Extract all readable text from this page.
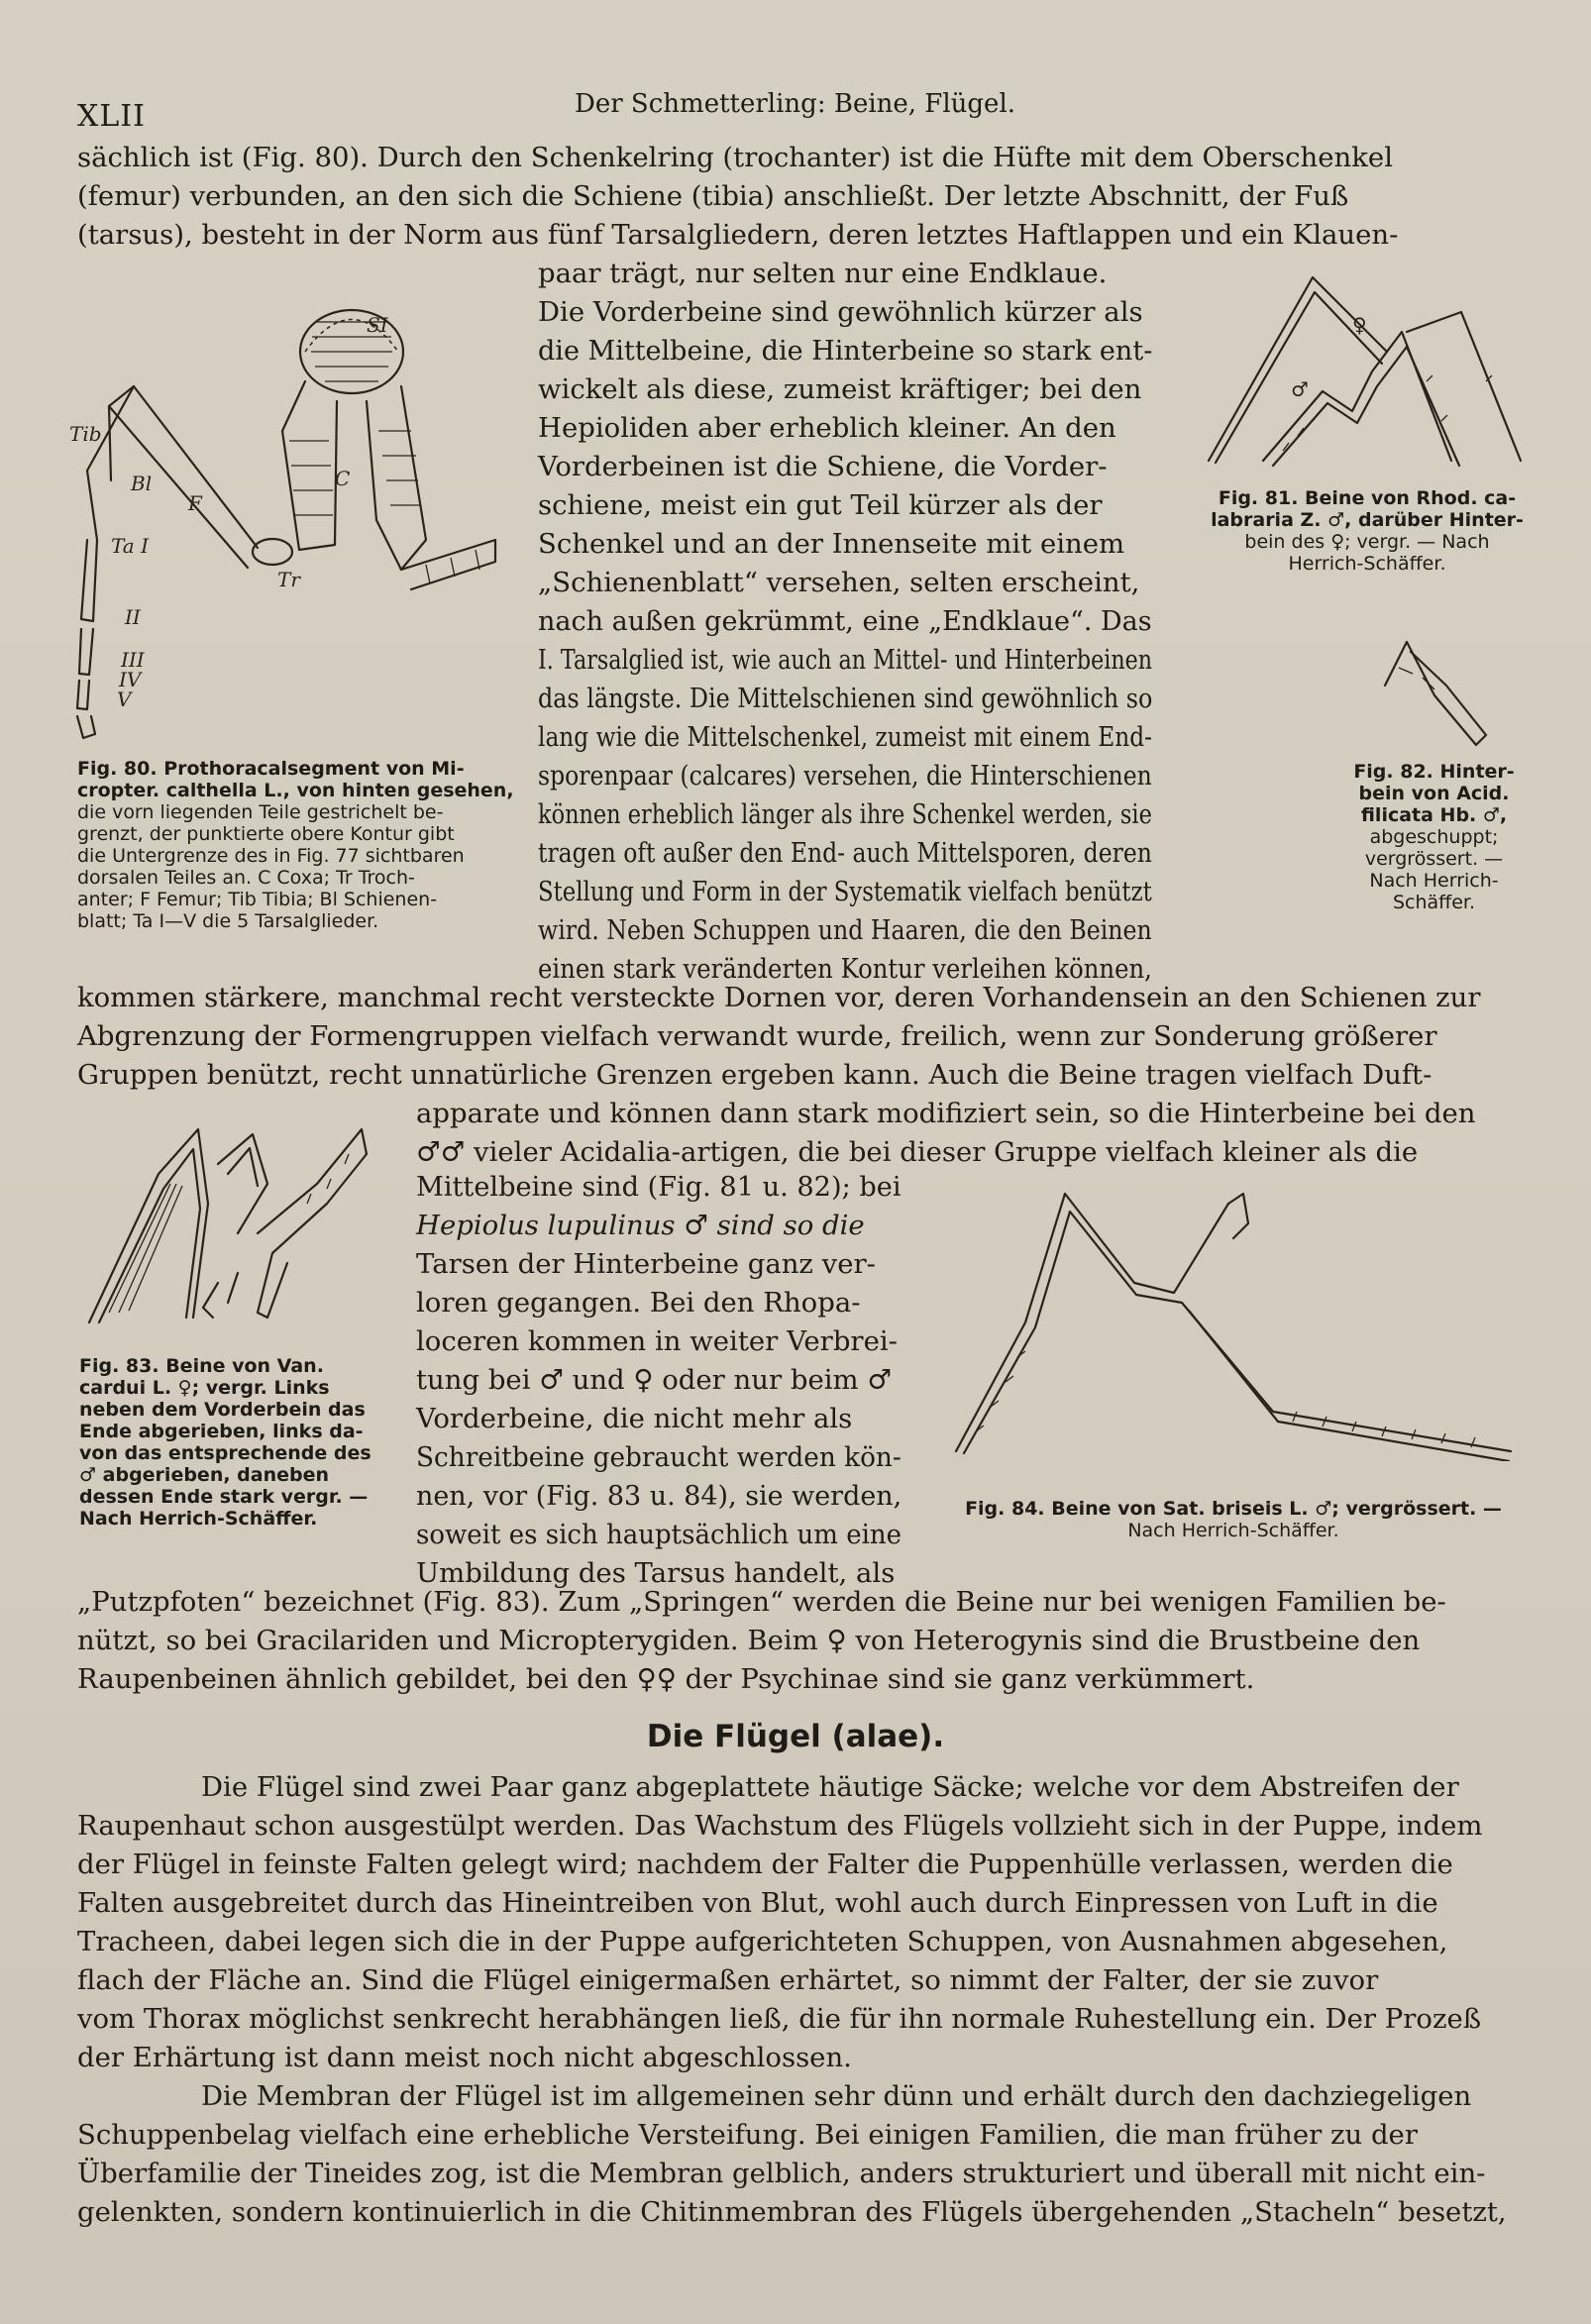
XLII	Der Schmetterling: Beine, Flügel.
sächlich ist (Fig. 80). Durch den Schenkelring (trochanter) ist die Hüfte mit dem Oberschenkel
(femur) verbunden, an den sich die Schiene (tibia) anschließt. Der letzte Abschnitt, der Fuß
(tarsus), besteht in der Norm aus fünf Tarsalgliedern, deren letztes Haftlappen und ein Klauen-
SI
Tib
Bl
F
C
Ta I
Tr
II
III
IV
V
Fig. 80. Prothoracalsegment von Mi-
cropter. calthella L., von hinten gesehen,
die vorn liegenden Teile gestrichelt be-
grenzt, der punktierte obere Kontur gibt
die Untergrenze des in Fig. 77 sichtbaren
dorsalen Teiles an. C Coxa; Tr Troch-
anter; F Femur; Tib Tibia; Bl Schienen-
blatt; Ta I—V die 5 Tarsalglieder.
paar trägt, nur selten nur eine Endklaue.
Die Vorderbeine sind gewöhnlich kürzer als
die Mittelbeine, die Hinterbeine so stark ent-
wickelt als diese, zumeist kräftiger; bei den
Hepioliden aber erheblich kleiner. An den
Vorderbeinen ist die Schiene, die Vorder-
schiene, meist ein gut Teil kürzer als der
Schenkel und an der Innenseite mit einem
„Schienenblatt“ versehen, selten erscheint,
nach außen gekrümmt, eine „Endklaue“. Das
I. Tarsalglied ist, wie auch an Mittel- und Hinterbeinen
das längste. Die Mittelschienen sind gewöhnlich so
lang wie die Mittelschenkel, zumeist mit einem End-
sporenpaar (calcares) versehen, die Hinterschienen
können erheblich länger als ihre Schenkel werden, sie
tragen oft außer den End- auch Mittelsporen, deren
Stellung und Form in der Systematik vielfach benützt
wird. Neben Schuppen und Haaren, die den Beinen
einen stark veränderten Kontur verleihen können,
♀
♂
Fig. 81. Beine von Rhod. ca-
labraria Z. ♂, darüber Hinter-
bein des ♀; vergr. — Nach
Herrich-Schäffer.
Fig. 82. Hinter-
bein von Acid.
filicata Hb. ♂,
abgeschuppt;
vergrössert. —
Nach Herrich-
Schäffer.
kommen stärkere, manchmal recht versteckte Dornen vor, deren Vorhandensein an den Schienen zur
Abgrenzung der Formengruppen vielfach verwandt wurde, freilich, wenn zur Sonderung größerer
Gruppen benützt, recht unnatürliche Grenzen ergeben kann. Auch die Beine tragen vielfach Duft-
apparate und können dann stark modifiziert sein, so die Hinterbeine bei den
♂♂ vieler Acidalia-artigen, die bei dieser Gruppe vielfach kleiner als die
Fig. 83. Beine von Van.
cardui L. ♀; vergr. Links
neben dem Vorderbein das
Ende abgerieben, links da-
von das entsprechende des
♂ abgerieben, daneben
dessen Ende stark vergr. —
Nach Herrich-Schäffer.
Mittelbeine sind (Fig. 81 u. 82); bei
Hepiolus lupulinus ♂ sind so die
Tarsen der Hinterbeine ganz ver-
loren gegangen. Bei den Rhopa-
loceren kommen in weiter Verbrei-
tung bei ♂ und ♀ oder nur beim ♂
Vorderbeine, die nicht mehr als
Schreitbeine gebraucht werden kön-
nen, vor (Fig. 83 u. 84), sie werden,
soweit es sich hauptsächlich um eine
Umbildung des Tarsus handelt, als
Fig. 84. Beine von Sat. briseis L. ♂; vergrössert. —
Nach Herrich-Schäffer.
„Putzpfoten“ bezeichnet (Fig. 83). Zum „Springen“ werden die Beine nur bei wenigen Familien be-
nützt, so bei Gracilariden und Micropterygiden. Beim ♀ von Heterogynis sind die Brustbeine den
Raupenbeinen ähnlich gebildet, bei den ♀♀ der Psychinae sind sie ganz verkümmert.
Die Flügel (alae).
Die Flügel sind zwei Paar ganz abgeplattete häutige Säcke; welche vor dem Abstreifen der
Raupenhaut schon ausgestülpt werden. Das Wachstum des Flügels vollzieht sich in der Puppe, indem
der Flügel in feinste Falten gelegt wird; nachdem der Falter die Puppenhülle verlassen, werden die
Falten ausgebreitet durch das Hineintreiben von Blut, wohl auch durch Einpressen von Luft in die
Tracheen, dabei legen sich die in der Puppe aufgerichteten Schuppen, von Ausnahmen abgesehen,
flach der Fläche an. Sind die Flügel einigermaßen erhärtet, so nimmt der Falter, der sie zuvor
vom Thorax möglichst senkrecht herabhängen ließ, die für ihn normale Ruhestellung ein. Der Prozeß
der Erhärtung ist dann meist noch nicht abgeschlossen.
Die Membran der Flügel ist im allgemeinen sehr dünn und erhält durch den dachziegeligen
Schuppenbelag vielfach eine erhebliche Versteifung. Bei einigen Familien, die man früher zu der
Überfamilie der Tineides zog, ist die Membran gelblich, anders strukturiert und überall mit nicht ein-
gelenkten, sondern kontinuierlich in die Chitinmembran des Flügels übergehenden „Stacheln“ besetzt,
